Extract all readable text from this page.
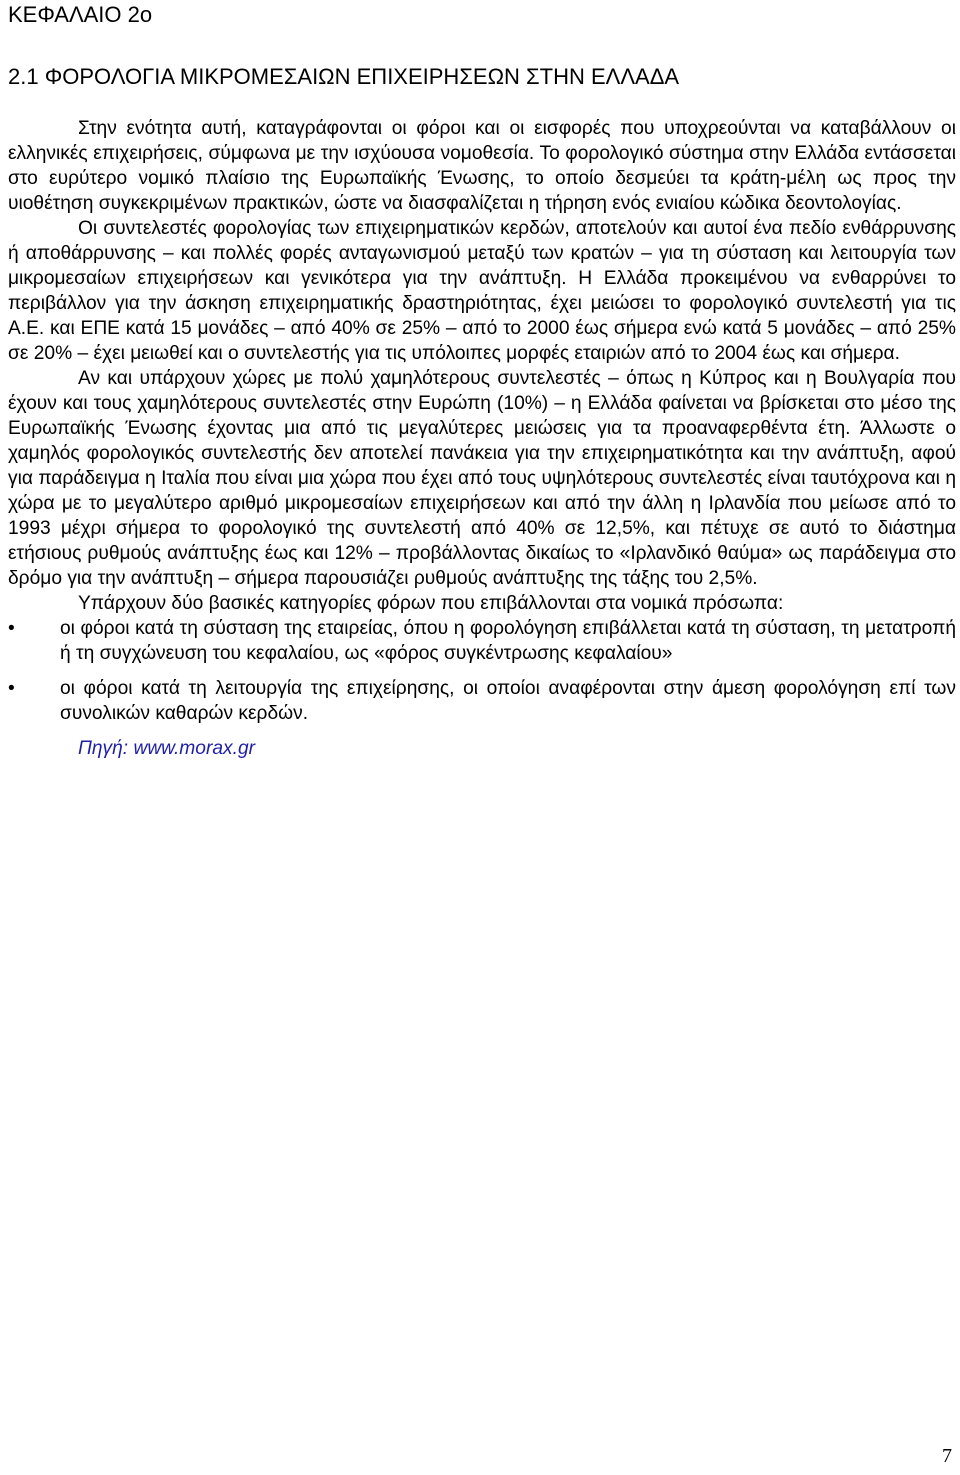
ΚΕΦΑΛΑΙΟ 2ο
2.1 ΦΟΡΟΛΟΓΙΑ ΜΙΚΡΟΜΕΣΑΙΩΝ ΕΠΙΧΕΙΡΗΣΕΩΝ ΣΤΗΝ ΕΛΛΑΔΑ

Στην ενότητα αυτή, καταγράφονται οι φόροι και οι εισφορές που υποχρεούνται να καταβάλλουν οι ελληνικές επιχειρήσεις, σύμφωνα με την ισχύουσα νομοθεσία. Το φορολογικό σύστημα στην Ελλάδα εντάσσεται στο ευρύτερο νομικό πλαίσιο της Ευρωπαϊκής Ένωσης, το οποίο δεσμεύει τα κράτη-μέλη ως προς την υιοθέτηση συγκεκριμένων πρακτικών, ώστε να διασφαλίζεται η τήρηση ενός ενιαίου κώδικα δεοντολογίας.

Οι συντελεστές φορολογίας των επιχειρηματικών κερδών, αποτελούν και αυτοί ένα πεδίο ενθάρρυνσης ή αποθάρρυνσης – και πολλές φορές ανταγωνισμού μεταξύ των κρατών – για τη σύσταση και λειτουργία των μικρομεσαίων επιχειρήσεων και γενικότερα για την ανάπτυξη. Η Ελλάδα προκειμένου να ενθαρρύνει το περιβάλλον για την άσκηση επιχειρηματικής δραστηριότητας, έχει μειώσει το φορολογικό συντελεστή για τις Α.Ε. και ΕΠΕ κατά 15 μονάδες – από 40% σε 25% – από το 2000 έως σήμερα ενώ κατά 5 μονάδες – από 25% σε 20% – έχει μειωθεί και ο συντελεστής για τις υπόλοιπες μορφές εταιριών από το 2004 έως και σήμερα.

Αν και υπάρχουν χώρες με πολύ χαμηλότερους συντελεστές – όπως η Κύπρος και η Βουλγαρία που έχουν και τους χαμηλότερους συντελεστές στην Ευρώπη (10%) – η Ελλάδα φαίνεται να βρίσκεται στο μέσο της Ευρωπαϊκής Ένωσης έχοντας μια από τις μεγαλύτερες μειώσεις για τα προαναφερθέντα έτη. Άλλωστε ο χαμηλός φορολογικός συντελεστής δεν αποτελεί πανάκεια για την επιχειρηματικότητα και την ανάπτυξη, αφού για παράδειγμα η Ιταλία που είναι μια χώρα που έχει από τους υψηλότερους συντελεστές είναι ταυτόχρονα και η χώρα με το μεγαλύτερο αριθμό μικρομεσαίων επιχειρήσεων και από την άλλη η Ιρλανδία που μείωσε από το 1993 μέχρι σήμερα το φορολογικό της συντελεστή από 40% σε 12,5%, και πέτυχε σε αυτό το διάστημα ετήσιους ρυθμούς ανάπτυξης έως και 12% – προβάλλοντας δικαίως το «Ιρλανδικό θαύμα» ως παράδειγμα στο δρόμο για την ανάπτυξη – σήμερα παρουσιάζει ρυθμούς ανάπτυξης της τάξης του 2,5%.

Υπάρχουν δύο βασικές κατηγορίες φόρων που επιβάλλονται στα νομικά πρόσωπα:

• οι φόροι κατά τη σύσταση της εταιρείας, όπου η φορολόγηση επιβάλλεται κατά τη σύσταση, τη μετατροπή ή τη συγχώνευση του κεφαλαίου, ως «φόρος συγκέντρωσης κεφαλαίου»
• οι φόροι κατά τη λειτουργία της επιχείρησης, οι οποίοι αναφέρονται στην άμεση φορολόγηση επί των συνολικών καθαρών κερδών.

Πηγή: www.morax.gr

7
